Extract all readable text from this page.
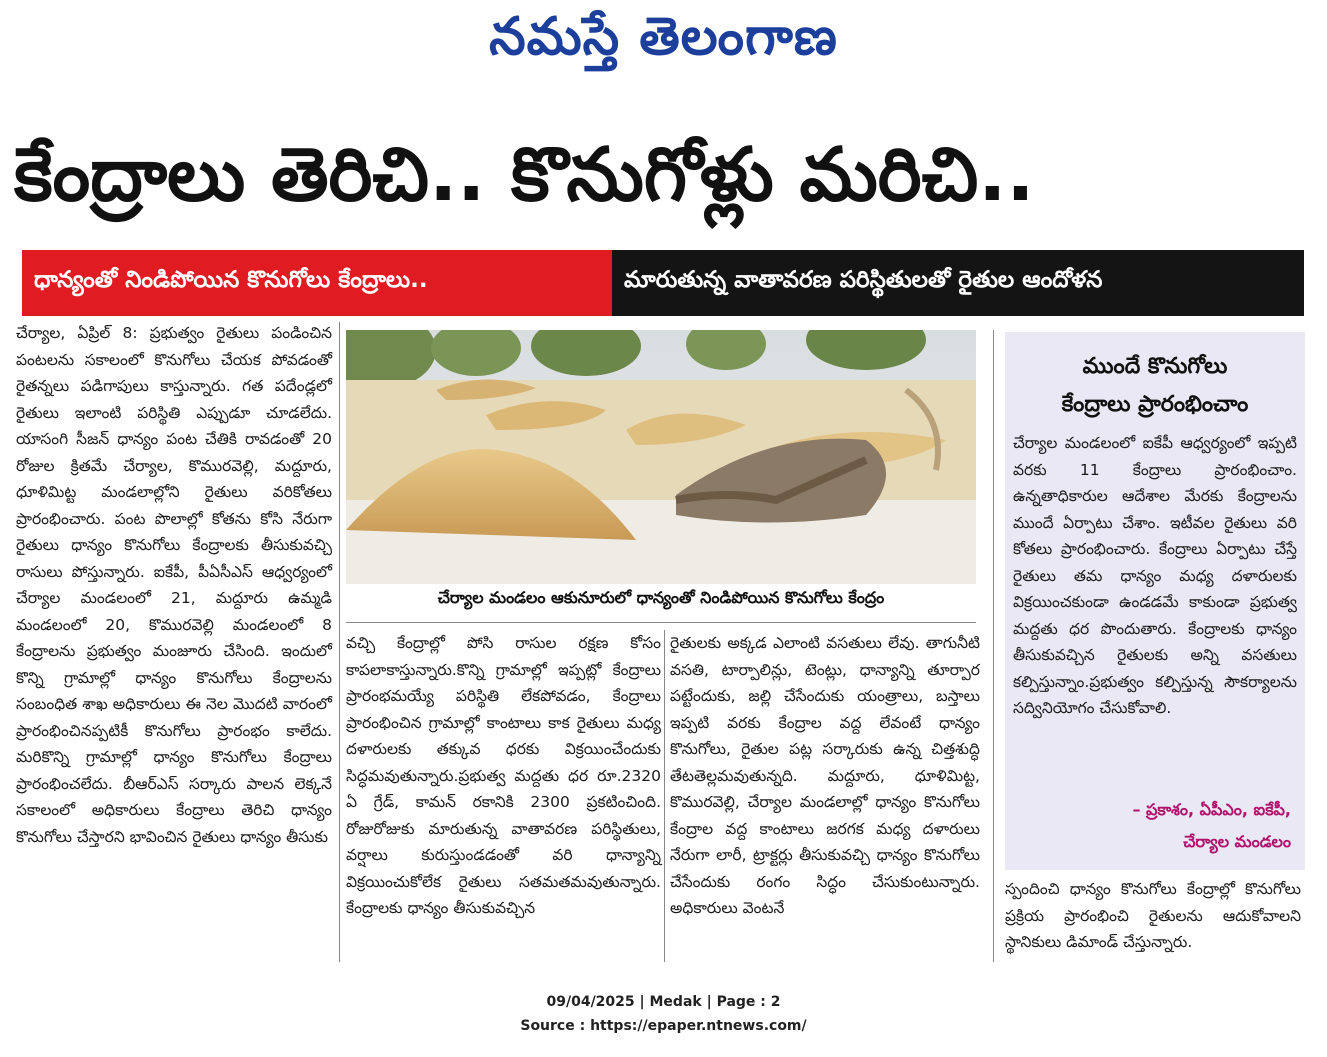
నమస్తే తెలంగాణ
కేంద్రాలు తెరిచి.. కొనుగోళ్లు మరిచి..
ధాన్యంతో నిండిపోయిన కొనుగోలు కేంద్రాలు..	మారుతున్న వాతావరణ పరిస్థితులతో రైతుల ఆందోళన

చేర్యాల, ఏప్రిల్ 8: ప్రభుత్వం రైతులు పండించిన పంటలను సకాలంలో కొనుగోలు చేయక పోవడంతో రైతన్నలు పడిగాపులు కాస్తున్నారు. గత పదేండ్లలో రైతులు ఇలాంటి పరిస్థితి ఎప్పుడూ చూడలేదు. యాసంగి సీజన్ ధాన్యం పంట చేతికి రావడంతో 20 రోజుల క్రితమే చేర్యాల, కొమురవెల్లి, మద్దూరు, ధూళిమిట్ట మండలాల్లోని రైతులు వరికోతలు ప్రారంభించారు. పంట పొలాల్లో కోతను కోసి నేరుగా రైతులు ధాన్యం కొనుగోలు కేంద్రాలకు తీసుకువచ్చి రాసులు పోస్తున్నారు. ఐకేపీ, పీఏసీఎస్ ఆధ్వర్యంలో చేర్యాల మండలంలో 21, మద్దూరు ఉమ్మడి మండలంలో 20, కొమురవెల్లి మండలంలో 8 కేంద్రాలను ప్రభుత్వం మంజూరు చేసింది. ఇందులో కొన్ని గ్రామాల్లో ధాన్యం కొనుగోలు కేంద్రాలను సంబంధిత శాఖ అధికారులు ఈ నెల మొదటి వారంలో ప్రారంభించినప్పటికీ కొనుగోలు ప్రారంభం కాలేదు. మరికొన్ని గ్రామాల్లో ధాన్యం కొనుగోలు కేంద్రాలు ప్రారంభించలేదు. బీఆర్ఎస్ సర్కారు పాలన లెక్కనే సకాలంలో అధికారులు కేంద్రాలు తెరిచి ధాన్యం కొనుగోలు చేస్తారని భావించిన రైతులు ధాన్యం తీసుకు

చేర్యాల మండలం ఆకునూరులో ధాన్యంతో నిండిపోయిన కొనుగోలు కేంద్రం

వచ్చి కేంద్రాల్లో పోసి రాసుల రక్షణ కోసం కాపలాకాస్తున్నారు.కొన్ని గ్రామాల్లో ఇప్పట్లో కేంద్రాలు ప్రారంభమయ్యే పరిస్థితి లేకపోవడం, కేంద్రాలు ప్రారంభించిన గ్రామాల్లో కాంటాలు కాక రైతులు మధ్య దళారులకు తక్కువ ధరకు విక్రయించేందుకు సిద్ధమవుతున్నారు.ప్రభుత్వ మద్దతు ధర రూ.2320 ఏ గ్రేడ్, కామన్ రకానికి 2300 ప్రకటించింది. రోజురోజుకు మారుతున్న వాతావరణ పరిస్థితులు, వర్షాలు కురుస్తుండడంతో వరి ధాన్యాన్ని విక్రయించుకోలేక రైతులు సతమతమవుతున్నారు. కేంద్రాలకు ధాన్యం తీసుకువచ్చిన

రైతులకు అక్కడ ఎలాంటి వసతులు లేవు. తాగునీటి వసతి, టార్పాలిన్లు, టెంట్లు, ధాన్యాన్ని తూర్పార పట్టేందుకు, జల్లి చేసేందుకు యంత్రాలు, బస్తాలు ఇప్పటి వరకు కేంద్రాల వద్ద లేవంటే ధాన్యం కొనుగోలు, రైతుల పట్ల సర్కారుకు ఉన్న చిత్తశుద్ధి తేటతెల్లమవుతున్నది. మద్దూరు, ధూళిమిట్ట, కొమురవెల్లి, చేర్యాల మండలాల్లో ధాన్యం కొనుగోలు కేంద్రాల వద్ద కాంటాలు జరగక మధ్య దళారులు నేరుగా లారీ, ట్రాక్టర్లు తీసుకువచ్చి ధాన్యం కొనుగోలు చేసేందుకు రంగం సిద్ధం చేసుకుంటున్నారు. అధికారులు వెంటనే

ముందే కొనుగోలు
కేంద్రాలు ప్రారంభించాం
చేర్యాల మండలంలో ఐకేపీ ఆధ్వర్యంలో ఇప్పటి వరకు 11 కేంద్రాలు ప్రారంభించాం. ఉన్నతాధికారుల ఆదేశాల మేరకు కేంద్రాలను ముందే ఏర్పాటు చేశాం. ఇటీవల రైతులు వరి కోతలు ప్రారంభించారు. కేంద్రాలు ఏర్పాటు చేస్తే రైతులు తమ ధాన్యం మధ్య దళారులకు విక్రయించకుండా ఉండడమే కాకుండా ప్రభుత్వ మద్దతు ధర పొందుతారు. కేంద్రాలకు ధాన్యం తీసుకువచ్చిన రైతులకు అన్ని వసతులు కల్పిస్తున్నాం.ప్రభుత్వం కల్పిస్తున్న సౌకర్యాలను సద్వినియోగం చేసుకోవాలి.
– ప్రకాశం, ఏపీఎం, ఐకేపీ,
చేర్యాల మండలం

స్పందించి ధాన్యం కొనుగోలు కేంద్రాల్లో కొనుగోలు ప్రక్రియ ప్రారంభించి రైతులను ఆదుకోవాలని స్థానికులు డిమాండ్ చేస్తున్నారు.

09/04/2025 | Medak | Page : 2
Source : https://epaper.ntnews.com/
